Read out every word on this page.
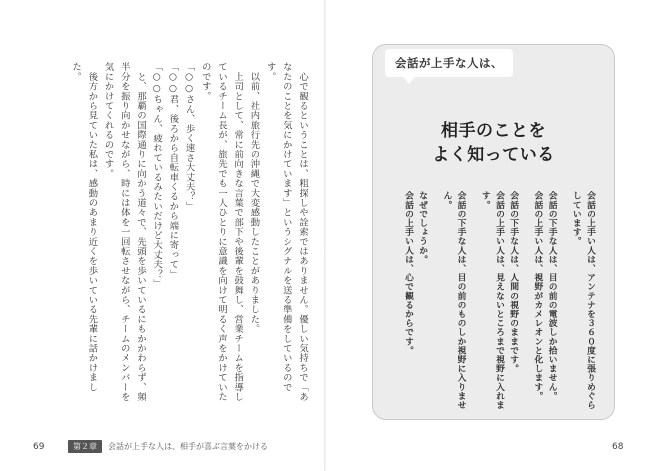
　心で観るということは、粗探しや詮索ではありません。優しい気持ちで「あなたのことを気にかけています」というシグナルを送る準備をしているのです。

　以前、社内旅行先の沖縄で大変感動したことがありました。

　上司として、常に前向きな言葉で部下や後輩を鼓舞し、営業チームを指導しているチーム長が、旅先でも一人ひとりに意識を向けて明るく声をかけていたのです。

「○○さん、歩く速さ大丈夫？」

「○○君、後ろから自転車くるから端に寄って」

「○○ちゃん、疲れているみたいだけど大丈夫？」

　と、那覇の国際通りに向かう道々で、先頭を歩いているにもかかわらず、頻半分を振り向かせながら、時には体を一回転させながら、チームのメンバーを気にかけてくれるのです。

　後方から見ていた私は、感動のあまり近くを歩いている先輩に話かけました。

69	第２章	会話が上手な人は、相手が喜ぶ言葉をかける
会話が上手な人は、
相手のことを
よく知っている

会話の上手い人は、アンテナを３６０度に張りめぐらしています。

会話の下手な人は、目の前の電波しか拾いません。

会話の上手い人は、視野がカメレオンと化します。

会話の下手な人は、人間の視野のままです。

会話の上手い人は、見えないところまで視野に入れます。

会話の下手な人は、目の前のものしか視野に入りません。

なぜでしょうか。

会話の上手い人は、心で観るからです。

68
